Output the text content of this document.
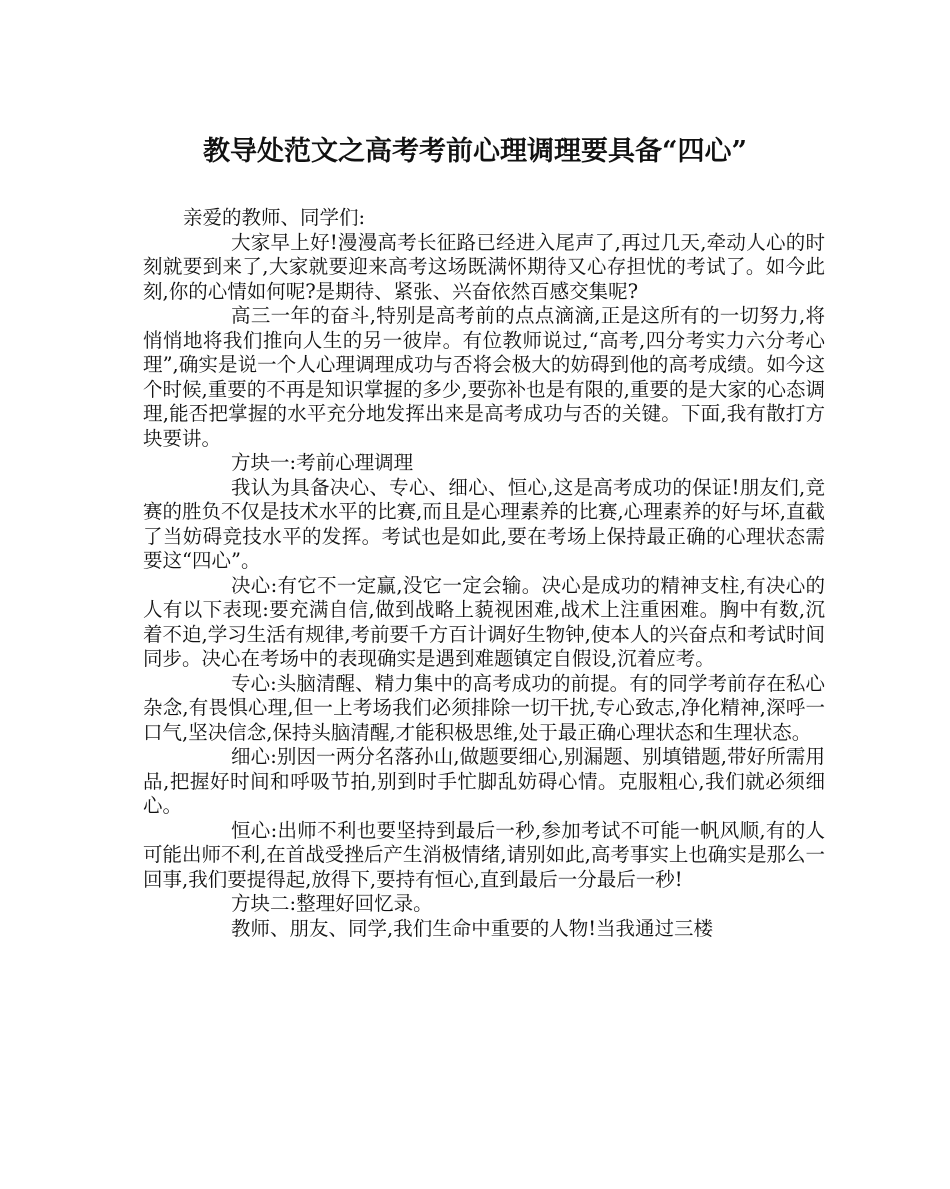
教导处范文之高考考前心理调理要具备“四心”

亲爱的教师、同学们:

大家早上好!漫漫高考长征路已经进入尾声了,再过几天,牵动人心的时刻就要到来了,大家就要迎来高考这场既满怀期待又心存担忧的考试了。如今此刻,你的心情如何呢?是期待、紧张、兴奋依然百感交集呢?

高三一年的奋斗,特别是高考前的点点滴滴,正是这所有的一切努力,将悄悄地将我们推向人生的另一彼岸。有位教师说过,“高考,四分考实力六分考心理”,确实是说一个人心理调理成功与否将会极大的妨碍到他的高考成绩。如今这个时候,重要的不再是知识掌握的多少,要弥补也是有限的,重要的是大家的心态调理,能否把掌握的水平充分地发挥出来是高考成功与否的关键。下面,我有散打方块要讲。

方块一:考前心理调理

我认为具备决心、专心、细心、恒心,这是高考成功的保证!朋友们,竞赛的胜负不仅是技术水平的比赛,而且是心理素养的比赛,心理素养的好与坏,直截了当妨碍竞技水平的发挥。考试也是如此,要在考场上保持最正确的心理状态需要这“四心”。

决心:有它不一定赢,没它一定会输。决心是成功的精神支柱,有决心的人有以下表现:要充满自信,做到战略上藐视困难,战术上注重困难。胸中有数,沉着不迫,学习生活有规律,考前要千方百计调好生物钟,使本人的兴奋点和考试时间同步。决心在考场中的表现确实是遇到难题镇定自假设,沉着应考。

专心:头脑清醒、精力集中的高考成功的前提。有的同学考前存在私心杂念,有畏惧心理,但一上考场我们必须排除一切干扰,专心致志,净化精神,深呼一口气,坚决信念,保持头脑清醒,才能积极思维,处于最正确心理状态和生理状态。

细心:别因一两分名落孙山,做题要细心,别漏题、别填错题,带好所需用品,把握好时间和呼吸节拍,别到时手忙脚乱妨碍心情。克服粗心,我们就必须细心。

恒心:出师不利也要坚持到最后一秒,参加考试不可能一帆风顺,有的人可能出师不利,在首战受挫后产生消极情绪,请别如此,高考事实上也确实是那么一回事,我们要提得起,放得下,要持有恒心,直到最后一分最后一秒!

方块二:整理好回忆录。

教师、朋友、同学,我们生命中重要的人物!当我通过三楼
